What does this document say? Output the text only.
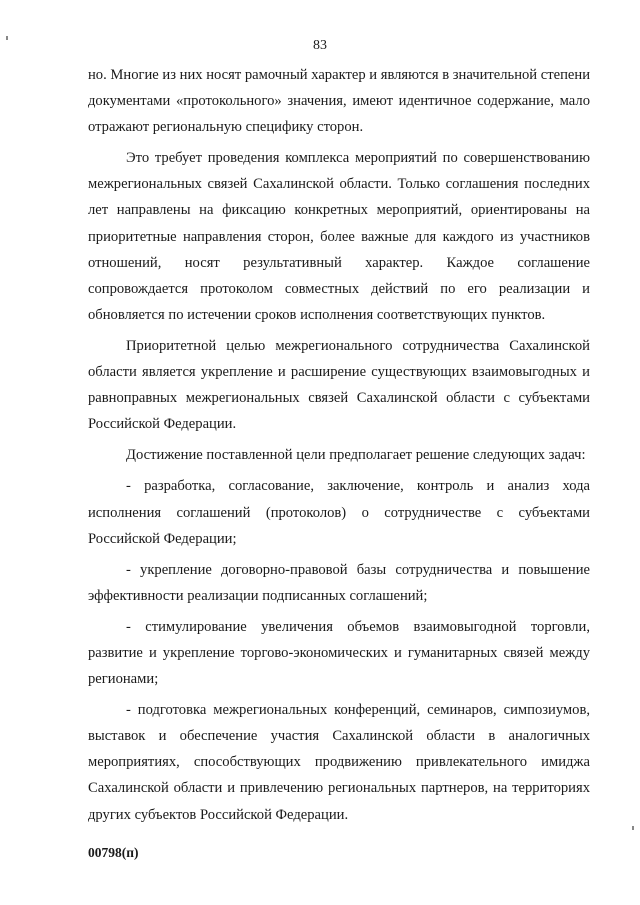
83

но. Многие из них носят рамочный характер и являются в значительной степени документами «протокольного» значения, имеют идентичное содержание, мало отражают региональную специфику сторон.

Это требует проведения комплекса мероприятий по совершенствованию межрегиональных связей Сахалинской области. Только соглашения последних лет направлены на фиксацию конкретных мероприятий, ориентированы на приоритетные направления сторон, более важные для каждого из участников отношений, носят результативный характер. Каждое соглашение сопровождается протоколом совместных действий по его реализации и обновляется по истечении сроков исполнения соответствующих пунктов.

Приоритетной целью межрегионального сотрудничества Сахалинской области является укрепление и расширение существующих взаимовыгодных и равноправных межрегиональных связей Сахалинской области с субъектами Российской Федерации.

Достижение поставленной цели предполагает решение следующих задач:

- разработка, согласование, заключение, контроль и анализ хода исполнения соглашений (протоколов) о сотрудничестве с субъектами Российской Федерации;

- укрепление договорно-правовой базы сотрудничества и повышение эффективности реализации подписанных соглашений;

- стимулирование увеличения объемов взаимовыгодной торговли, развитие и укрепление торгово-экономических и гуманитарных связей между регионами;

- подготовка межрегиональных конференций, семинаров, симпозиумов, выставок и обеспечение участия Сахалинской области в аналогичных мероприятиях, способствующих продвижению привлекательного имиджа Сахалинской области и привлечению региональных партнеров, на территориях других субъектов Российской Федерации.

00798(п)
